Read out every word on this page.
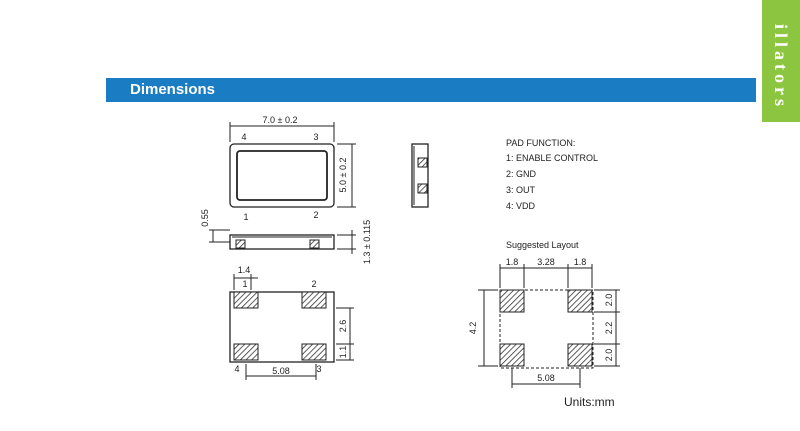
illators
Dimensions
7.0 ± 0.2
5.0 ± 0.2
4	3
1	2
0.55
1.3 ± 0.115
1.4
1	2
4	3
5.08
2.6
1.1
1.8 3.28 1.8
4.2
2.0
2.2
2.0
5.08
PAD FUNCTION:
1: ENABLE CONTROL
2: GND
3: OUT
4: VDD
Suggested Layout
Units:mm
